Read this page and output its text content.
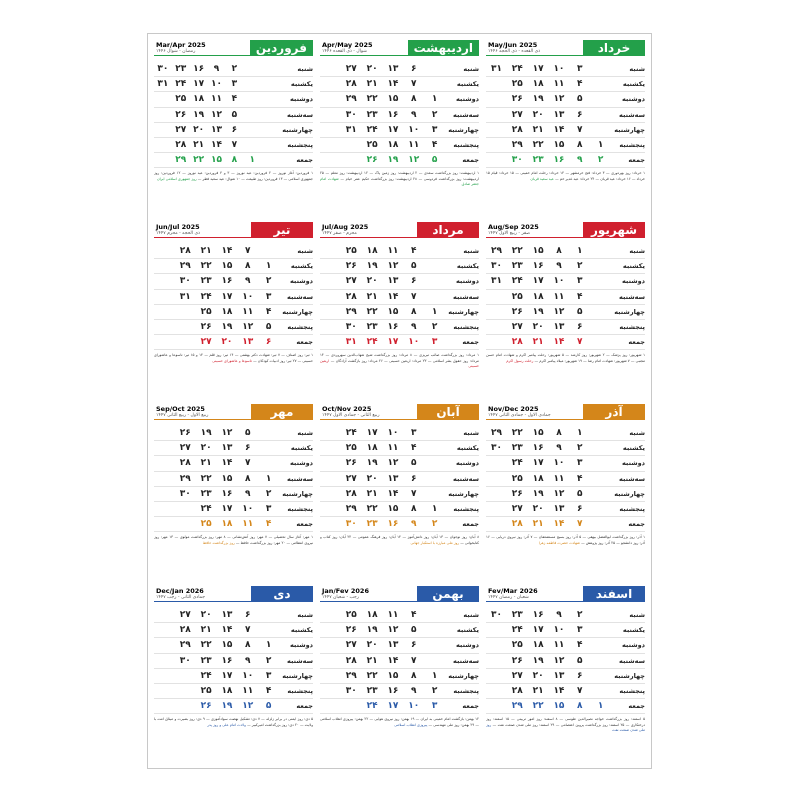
فروردین
Mar/Apr 2025
رمضان - شوال ۱۴۴۶
شنبه
۲
۹
۱۶
۲۳
۳۰
یکشنبه
۳
۱۰
۱۷
۲۴
۳۱
دوشنبه
۴
۱۱
۱۸
۲۵
سه‌شنبه
۵
۱۲
۱۹
۲۶
چهارشنبه
۶
۱۳
۲۰
۲۷
پنجشنبه
۷
۱۴
۲۱
۲۸
جمعه
۱
۸
۱۵
۲۲
۲۹
۱ فروردین: آغاز نوروز — ۲ فروردین: عید نوروز — ۳ و ۴ فروردین: عید نوروز — ۱۲ فروردین: روز جمهوری اسلامی — ۱۳ فروردین: روز طبیعت — ۱۰ شوال: عید سعید فطر — روز جمهوری اسلامی ایران
اردیبهشت
Apr/May 2025
شوال - ذی القعده ۱۴۴۶
شنبه
۶
۱۳
۲۰
۲۷
یکشنبه
۷
۱۴
۲۱
۲۸
دوشنبه
۱
۸
۱۵
۲۲
۲۹
سه‌شنبه
۲
۹
۱۶
۲۳
۳۰
چهارشنبه
۳
۱۰
۱۷
۲۴
۳۱
پنجشنبه
۴
۱۱
۱۸
۲۵
جمعه
۵
۱۲
۱۹
۲۶
۱ اردیبهشت: روز بزرگداشت سعدی — ۲ اردیبهشت: روز زمین پاک — ۱۲ اردیبهشت: روز معلم — ۲۵ اردیبهشت: روز بزرگداشت فردوسی — ۲۸ اردیبهشت: روز بزرگداشت حکیم عمر خیام — شهادت امام جعفر صادق
خرداد
May/Jun 2025
ذی القعده - ذی الحجه ۱۴۴۶
شنبه
۳
۱۰
۱۷
۲۴
۳۱
یکشنبه
۴
۱۱
۱۸
۲۵
دوشنبه
۵
۱۲
۱۹
۲۶
سه‌شنبه
۶
۱۳
۲۰
۲۷
چهارشنبه
۷
۱۴
۲۱
۲۸
پنجشنبه
۱
۸
۱۵
۲۲
۲۹
جمعه
۲
۹
۱۶
۲۳
۳۰
۱ خرداد: روز بهره‌وری — ۳ خرداد: فتح خرمشهر — ۱۴ خرداد: رحلت امام خمینی — ۱۵ خرداد: قیام ۱۵ خرداد — ۱۶ خرداد: عید قربان — ۲۴ خرداد: عید غدیر خم — عید سعید قربان
تیر
Jun/Jul 2025
ذی الحجه - محرم ۱۴۴۷
شنبه
۷
۱۴
۲۱
۲۸
یکشنبه
۱
۸
۱۵
۲۲
۲۹
دوشنبه
۲
۹
۱۶
۲۳
۳۰
سه‌شنبه
۳
۱۰
۱۷
۲۴
۳۱
چهارشنبه
۴
۱۱
۱۸
۲۵
پنجشنبه
۵
۱۲
۱۹
۲۶
جمعه
۶
۱۳
۲۰
۲۷
۱ تیر: روز اصناف — ۷ تیر: شهادت دکتر بهشتی — ۱۴ تیر: روز قلم — ۱۴ و ۱۵ تیر: تاسوعا و عاشورای حسینی — ۲۷ تیر: روز ادبیات کودکان — تاسوعا و عاشورای حسینی
مرداد
Jul/Aug 2025
محرم - صفر ۱۴۴۷
شنبه
۴
۱۱
۱۸
۲۵
یکشنبه
۵
۱۲
۱۹
۲۶
دوشنبه
۶
۱۳
۲۰
۲۷
سه‌شنبه
۷
۱۴
۲۱
۲۸
چهارشنبه
۱
۸
۱۵
۲۲
۲۹
پنجشنبه
۲
۹
۱۶
۲۳
۳۰
جمعه
۳
۱۰
۱۷
۲۴
۳۱
۱ مرداد: روز بزرگداشت صائب تبریزی — ۸ مرداد: روز بزرگداشت شیخ شهاب‌الدین سهروردی — ۱۴ مرداد: روز حقوق بشر اسلامی — ۲۳ مرداد: اربعین حسینی — ۲۶ مرداد: روز بازگشت آزادگان — اربعین حسینی
شهریور
Aug/Sep 2025
صفر - ربیع الاول ۱۴۴۷
شنبه
۱
۸
۱۵
۲۲
۲۹
یکشنبه
۲
۹
۱۶
۲۳
۳۰
دوشنبه
۳
۱۰
۱۷
۲۴
۳۱
سه‌شنبه
۴
۱۱
۱۸
۲۵
چهارشنبه
۵
۱۲
۱۹
۲۶
پنجشنبه
۶
۱۳
۲۰
۲۷
جمعه
۷
۱۴
۲۱
۲۸
۱ شهریور: روز پزشک — ۲ شهریور: روز کارمند — ۵ شهریور: رحلت پیامبر اکرم و شهادت امام حسن مجتبی — ۷ شهریور: شهادت امام رضا — ۱۹ شهریور: میلاد پیامبر اکرم — رحلت رسول اکرم
مهر
Sep/Oct 2025
ربیع الاول - ربیع الثانی ۱۴۴۷
شنبه
۵
۱۲
۱۹
۲۶
یکشنبه
۶
۱۳
۲۰
۲۷
دوشنبه
۷
۱۴
۲۱
۲۸
سه‌شنبه
۱
۸
۱۵
۲۲
۲۹
چهارشنبه
۲
۹
۱۶
۲۳
۳۰
پنجشنبه
۳
۱۰
۱۷
۲۴
جمعه
۴
۱۱
۱۸
۲۵
۱ مهر: آغاز سال تحصیلی — ۷ مهر: روز آتش‌نشانی — ۸ مهر: روز بزرگداشت مولوی — ۱۳ مهر: روز نیروی انتظامی — ۲۰ مهر: روز بزرگداشت حافظ — روز بزرگداشت حافظ
آبان
Oct/Nov 2025
ربیع الثانی - جمادی الاول ۱۴۴۷
شنبه
۳
۱۰
۱۷
۲۴
یکشنبه
۴
۱۱
۱۸
۲۵
دوشنبه
۵
۱۲
۱۹
۲۶
سه‌شنبه
۶
۱۳
۲۰
۲۷
چهارشنبه
۷
۱۴
۲۱
۲۸
پنجشنبه
۱
۸
۱۵
۲۲
۲۹
جمعه
۲
۹
۱۶
۲۳
۳۰
۸ آبان: روز نوجوان — ۱۳ آبان: روز دانش‌آموز — ۱۴ آبان: روز فرهنگ عمومی — ۲۴ آبان: روز کتاب و کتابخوانی — روز ملی مبارزه با استکبار جهانی
آذر
Nov/Dec 2025
جمادی الاول - جمادی الثانی ۱۴۴۷
شنبه
۱
۸
۱۵
۲۲
۲۹
یکشنبه
۲
۹
۱۶
۲۳
۳۰
دوشنبه
۳
۱۰
۱۷
۲۴
سه‌شنبه
۴
۱۱
۱۸
۲۵
چهارشنبه
۵
۱۲
۱۹
۲۶
پنجشنبه
۶
۱۳
۲۰
۲۷
جمعه
۷
۱۴
۲۱
۲۸
۱ آذر: روز بزرگداشت ابوالفضل بیهقی — ۵ آذر: روز بسیج مستضعفان — ۷ آذر: روز نیروی دریایی — ۱۶ آذر: روز دانشجو — ۲۵ آذر: روز پژوهش — شهادت حضرت فاطمه زهرا
دی
Dec/Jan 2026
جمادی الثانی - رجب ۱۴۴۷
شنبه
۶
۱۳
۲۰
۲۷
یکشنبه
۷
۱۴
۲۱
۲۸
دوشنبه
۱
۸
۱۵
۲۲
۲۹
سه‌شنبه
۲
۹
۱۶
۲۳
۳۰
چهارشنبه
۳
۱۰
۱۷
۲۴
پنجشنبه
۴
۱۱
۱۸
۲۵
جمعه
۵
۱۲
۱۹
۲۶
۵ دی: روز ایمنی در برابر زلزله — ۷ دی: تشکیل نهضت سوادآموزی — ۹ دی: روز بصیرت و میثاق امت با ولایت — ۲۰ دی: روز بزرگداشت امیرکبیر — ولادت امام علی و روز پدر
بهمن
Jan/Fev 2026
رجب - شعبان ۱۴۴۷
شنبه
۴
۱۱
۱۸
۲۵
یکشنبه
۵
۱۲
۱۹
۲۶
دوشنبه
۶
۱۳
۲۰
۲۷
سه‌شنبه
۷
۱۴
۲۱
۲۸
چهارشنبه
۱
۸
۱۵
۲۲
۲۹
پنجشنبه
۲
۹
۱۶
۲۳
۳۰
جمعه
۳
۱۰
۱۷
۲۴
۱۲ بهمن: بازگشت امام خمینی به ایران — ۱۹ بهمن: روز نیروی هوایی — ۲۲ بهمن: پیروزی انقلاب اسلامی — ۲۹ بهمن: روز ملی مهندسی — پیروزی انقلاب اسلامی
اسفند
Fev/Mar 2026
شعبان - رمضان ۱۴۴۷
شنبه
۲
۹
۱۶
۲۳
۳۰
یکشنبه
۳
۱۰
۱۷
۲۴
دوشنبه
۴
۱۱
۱۸
۲۵
سه‌شنبه
۵
۱۲
۱۹
۲۶
چهارشنبه
۶
۱۳
۲۰
۲۷
پنجشنبه
۷
۱۴
۲۱
۲۸
جمعه
۱
۸
۱۵
۲۲
۲۹
۵ اسفند: روز بزرگداشت خواجه نصیرالدین طوسی — ۸ اسفند: روز امور تربیتی — ۱۵ اسفند: روز درختکاری — ۲۵ اسفند: روز بزرگداشت پروین اعتصامی — ۲۹ اسفند: روز ملی شدن صنعت نفت — روز ملی شدن صنعت نفت
